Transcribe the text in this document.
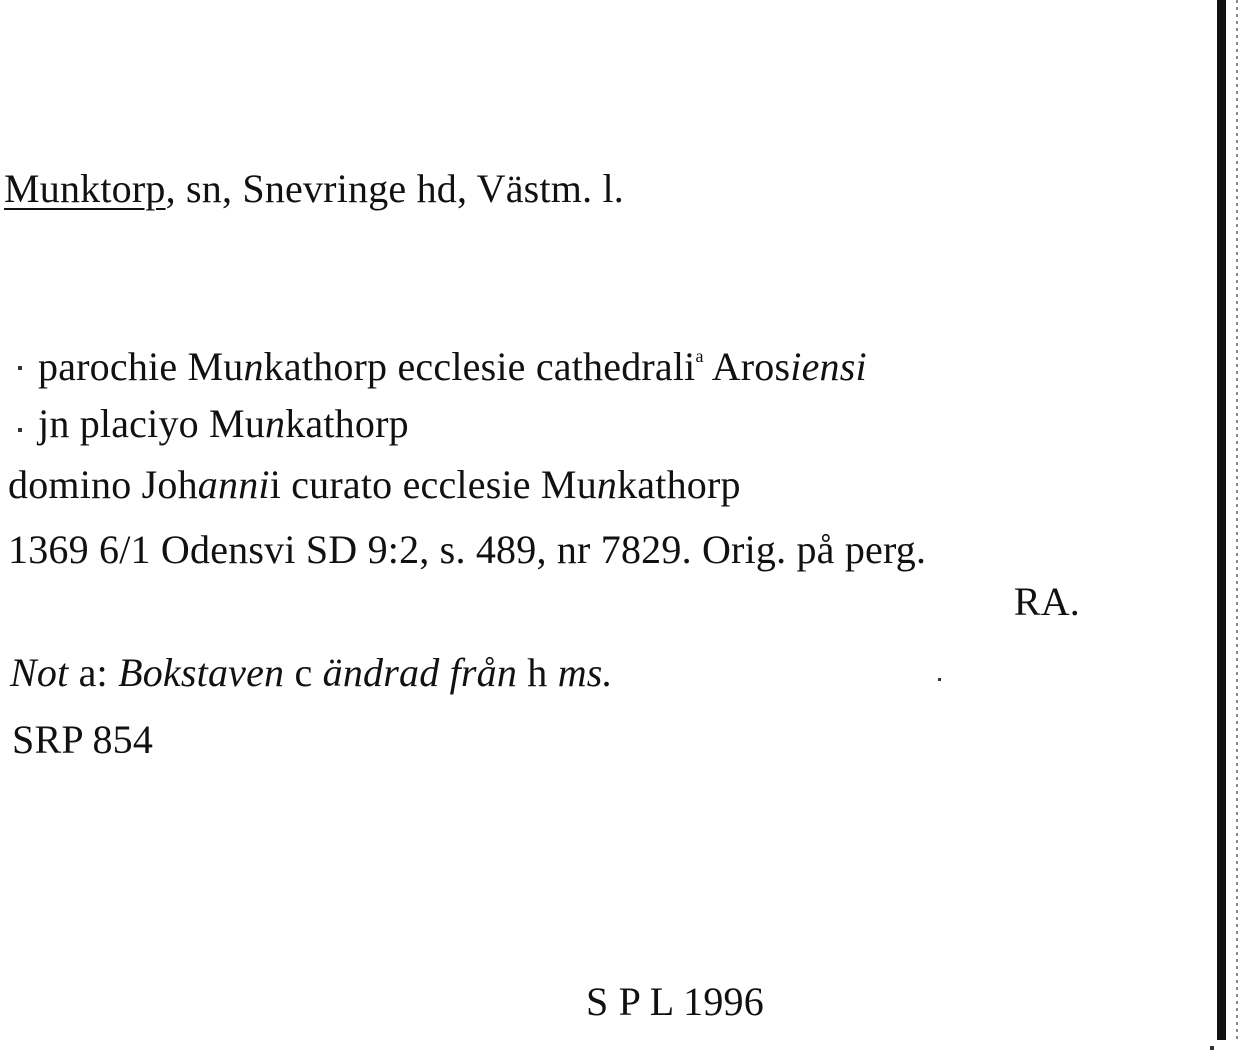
Munktorp, sn, Snevringe hd, Västm. l.
parochie Munkathorp ecclesie cathedrali$^a$ Arosiensi
jn placiyo Munkathorp
domino Johannii curato ecclesie Munkathorp
1369 6/1 Odensvi SD 9:2, s. 489, nr 7829. Orig. på perg.
RA.
Not a: Bokstaven c ändrad från h ms.
SRP 854
S P L 1996
